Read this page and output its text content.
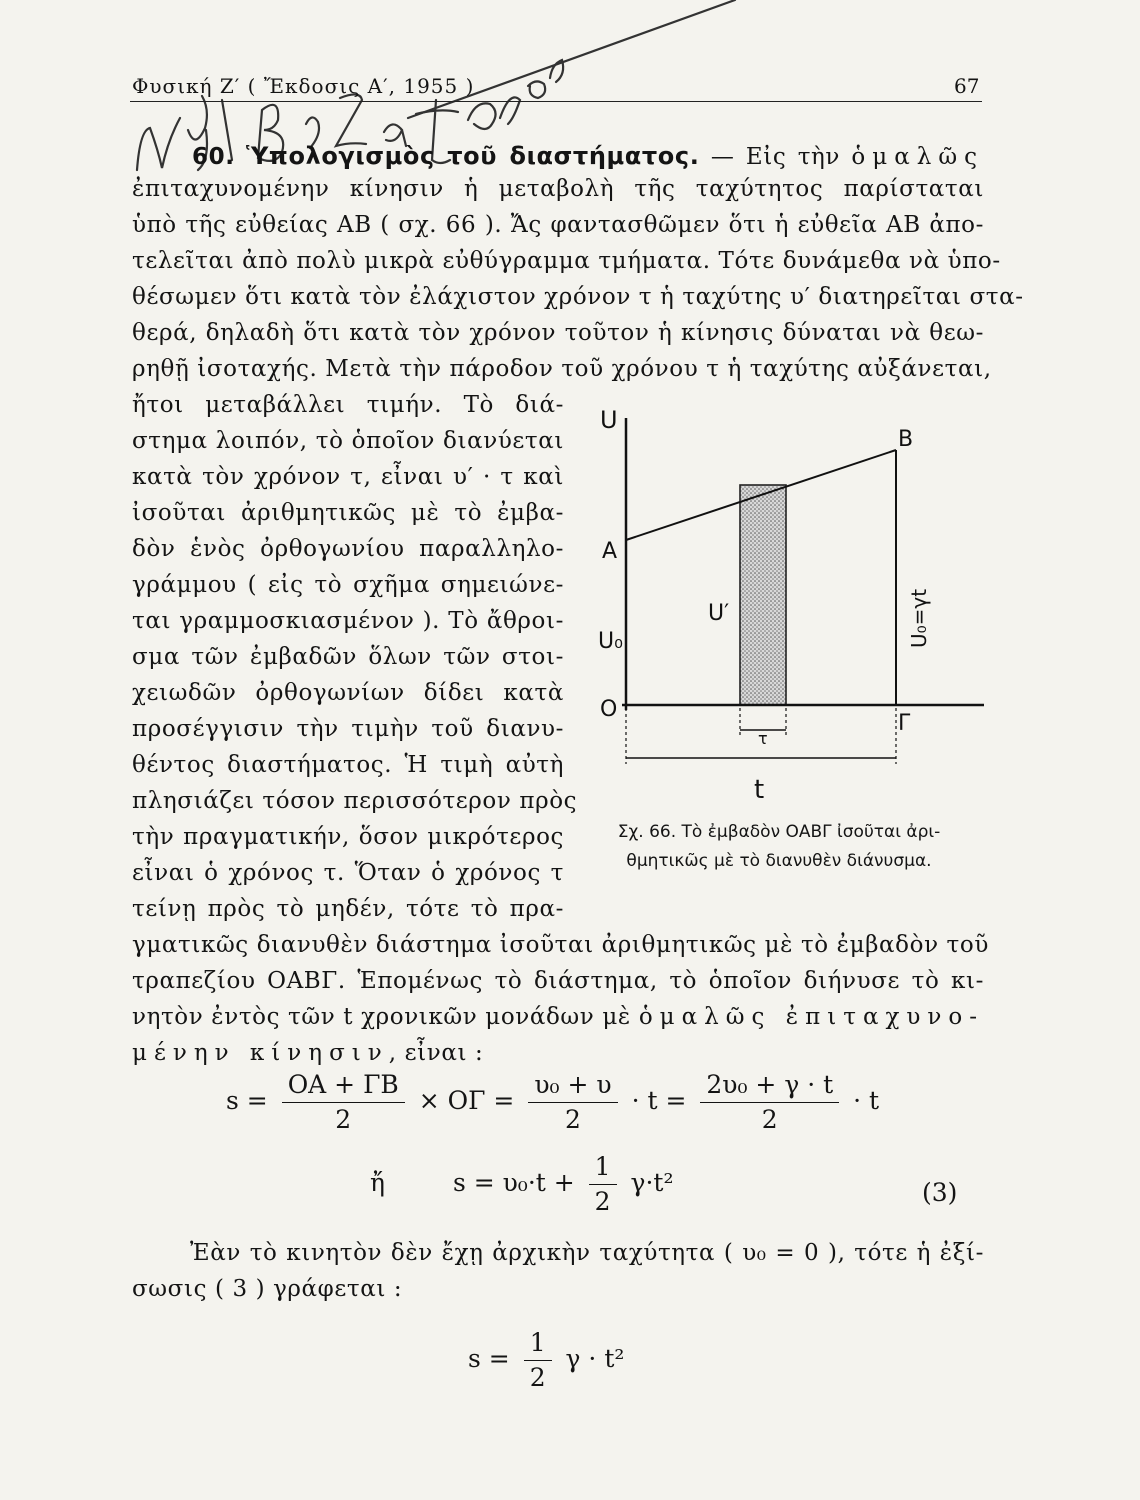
Φυσική Ζ′ ( Ἔκδοσις Α′, 1955 )	67
60. Ὑπολογισμὸς τοῦ διαστήματος. — Εἰς τὴν ὁμαλῶς
ἐπιταχυνομένην κίνησιν ἡ μεταβολὴ τῆς ταχύτητος παρίσταται
ὑπὸ τῆς εὐθείας ΑΒ ( σχ. 66 ). Ἄς φαντασθῶμεν ὅτι ἡ εὐθεῖα ΑΒ ἀπο-
τελεῖται ἀπὸ πολὺ μικρὰ εὐθύγραμμα τμήματα. Τότε δυνάμεθα νὰ ὑπο-
θέσωμεν ὅτι κατὰ τὸν ἐλάχιστον χρόνον τ ἡ ταχύτης υ′ διατηρεῖται στα-
θερά, δηλαδὴ ὅτι κατὰ τὸν χρόνον τοῦτον ἡ κίνησις δύναται νὰ θεω-
ρηθῇ ἰσοταχής. Μετὰ τὴν πάροδον τοῦ χρόνου τ ἡ ταχύτης αὐξάνεται,
ἤτοι μεταβάλλει τιμήν. Τὸ διά-
στημα λοιπόν, τὸ ὁποῖον διανύεται
κατὰ τὸν χρόνον τ, εἶναι υ′ · τ καὶ
ἰσοῦται ἀριθμητικῶς μὲ τὸ ἐμβα-
δὸν ἑνὸς ὀρθογωνίου παραλληλο-
γράμμου ( εἰς τὸ σχῆμα σημειώνε-
ται γραμμοσκιασμένον ). Τὸ ἄθροι-
σμα τῶν ἐμβαδῶν ὅλων τῶν στοι-
χειωδῶν ὀρθογωνίων δίδει κατὰ
προσέγγισιν τὴν τιμὴν τοῦ διανυ-
θέντος διαστήματος. Ἡ τιμὴ αὐτὴ
πλησιάζει τόσον περισσότερον πρὸς
τὴν πραγματικήν, ὅσον μικρότερος
εἶναι ὁ χρόνος τ. Ὅταν ὁ χρόνος τ
τείνῃ πρὸς τὸ μηδέν, τότε τὸ πρα-
γματικῶς διανυθὲν διάστημα ἰσοῦται ἀριθμητικῶς μὲ τὸ ἐμβαδὸν τοῦ
τραπεζίου ΟΑΒΓ. Ἑπομένως τὸ διάστημα, τὸ ὁποῖον διήνυσε τὸ κι-
νητὸν ἐντὸς τῶν t χρονικῶν μονάδων μὲ ὁμαλῶς ἐπιταχυνο-
μένην κίνησιν, εἶναι :
U
A
B
U₀
U′
O
Γ
τ
t
U₀=γt
Σχ. 66. Τὸ ἐμβαδὸν ΟΑΒΓ ἰσοῦται ἀρι-
θμητικῶς μὲ τὸ διανυθὲν διάνυσμα.
$s = \frac{OA + \Gamma B}{2} \times O\Gamma = \frac{\text{υ₀ + υ}}{2} \cdot t = \frac{\text{2υ₀ + γ · t}}{2} \cdot t$
ἤ	$s = \upsilon_0\cdot t + \frac{1}{2} \gamma\cdot t^2$	(3)
Ἐὰν τὸ κινητὸν δὲν ἔχῃ ἀρχικὴν ταχύτητα ( υ₀ = 0 ), τότε ἡ ἐξί-
σωσις ( 3 ) γράφεται :
$s = \frac{1}{2}$ γ · t²
